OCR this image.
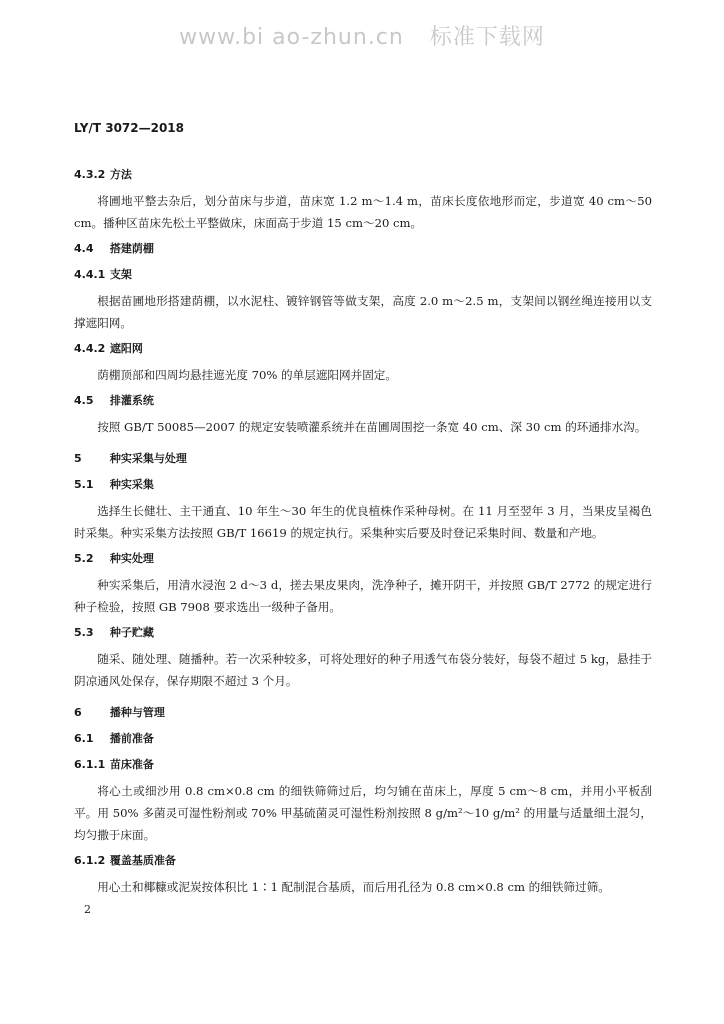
www.bi ao-zhun.cn 标准下载网
LY/T 3072—2018
4.3.2 方法
将圃地平整去杂后，划分苗床与步道，苗床宽 1.2 m～1.4 m，苗床长度依地形而定，步道宽 40 cm～50 cm。播种区苗床先松土平整做床，床面高于步道 15 cm～20 cm。
4.4 搭建荫棚
4.4.1 支架
根据苗圃地形搭建荫棚，以水泥柱、镀锌钢管等做支架，高度 2.0 m～2.5 m，支架间以钢丝绳连接用以支撑遮阳网。
4.4.2 遮阳网
荫棚顶部和四周均悬挂遮光度 70% 的单层遮阳网并固定。
4.5 排灌系统
按照 GB/T 50085—2007 的规定安装喷灌系统并在苗圃周围挖一条宽 40 cm、深 30 cm 的环通排水沟。
5	种实采集与处理
5.1 种实采集
选择生长健壮、主干通直、10 年生～30 年生的优良植株作采种母树。在 11 月至翌年 3 月，当果皮呈褐色时采集。种实采集方法按照 GB/T 16619 的规定执行。采集种实后要及时登记采集时间、数量和产地。
5.2 种实处理
种实采集后，用清水浸泡 2 d～3 d，搓去果皮果肉，洗净种子，摊开阴干，并按照 GB/T 2772 的规定进行种子检验，按照 GB 7908 要求选出一级种子备用。
5.3 种子贮藏
随采、随处理、随播种。若一次采种较多，可将处理好的种子用透气布袋分装好，每袋不超过 5 kg，悬挂于阴凉通风处保存，保存期限不超过 3 个月。
6	播种与管理
6.1 播前准备
6.1.1 苗床准备
将心土或细沙用 0.8 cm×0.8 cm 的细铁筛筛过后，均匀铺在苗床上，厚度 5 cm～8 cm，并用小平板刮平。用 50% 多菌灵可湿性粉剂或 70% 甲基硫菌灵可湿性粉剂按照 8 g/m²～10 g/m² 的用量与适量细土混匀，均匀撒于床面。
6.1.2 覆盖基质准备
用心土和椰糠或泥炭按体积比 1∶1 配制混合基质，而后用孔径为 0.8 cm×0.8 cm 的细铁筛过筛。
2
